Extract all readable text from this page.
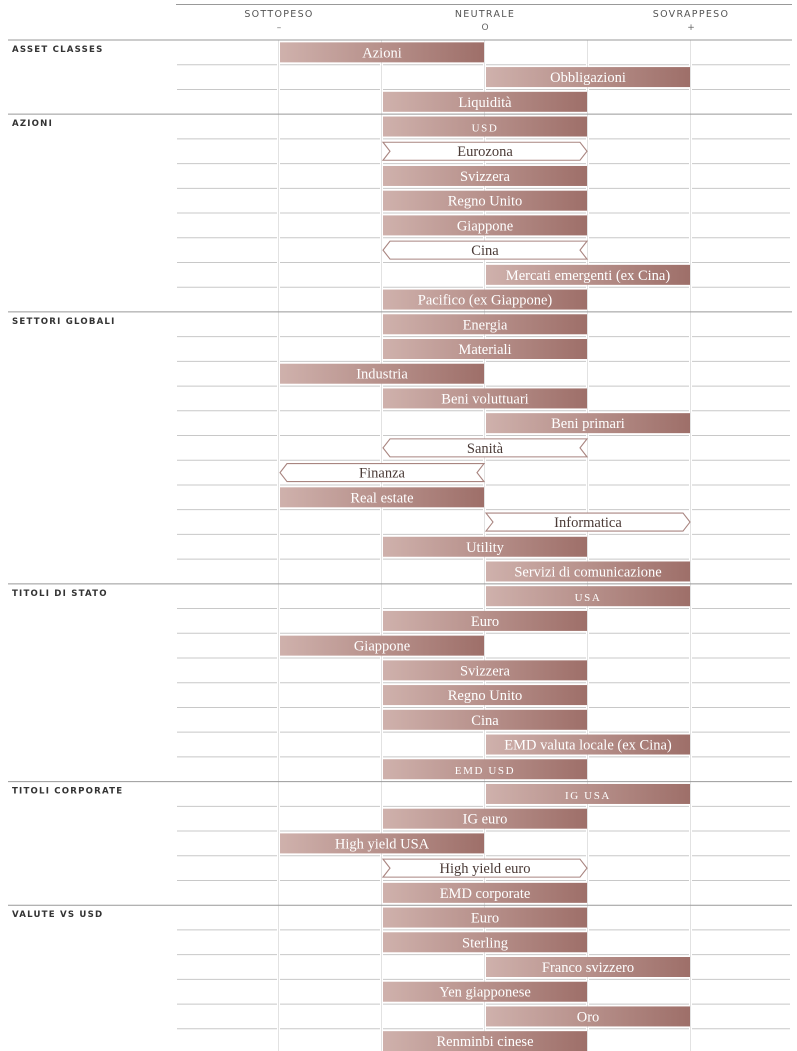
SOTTOPESO
–
NEUTRALE
O
SOVRAPPESO
+
ASSET CLASSES
AZIONI
SETTORI GLOBALI
TITOLI DI STATO
TITOLI CORPORATE
VALUTE VS USD
Azioni
Obbligazioni
Liquidità
USD
Eurozona
Svizzera
Regno Unito
Giappone
Cina
Mercati emergenti (ex Cina)
Pacifico (ex Giappone)
Energia
Materiali
Industria
Beni voluttuari
Beni primari
Sanità
Finanza
Real estate
Informatica
Utility
Servizi di comunicazione
USA
Euro
Giappone
Svizzera
Regno Unito
Cina
EMD valuta locale (ex Cina)
EMD USD
IG USA
IG euro
High yield USA
High yield euro
EMD corporate
Euro
Sterling
Franco svizzero
Yen giapponese
Oro
Renminbi cinese
